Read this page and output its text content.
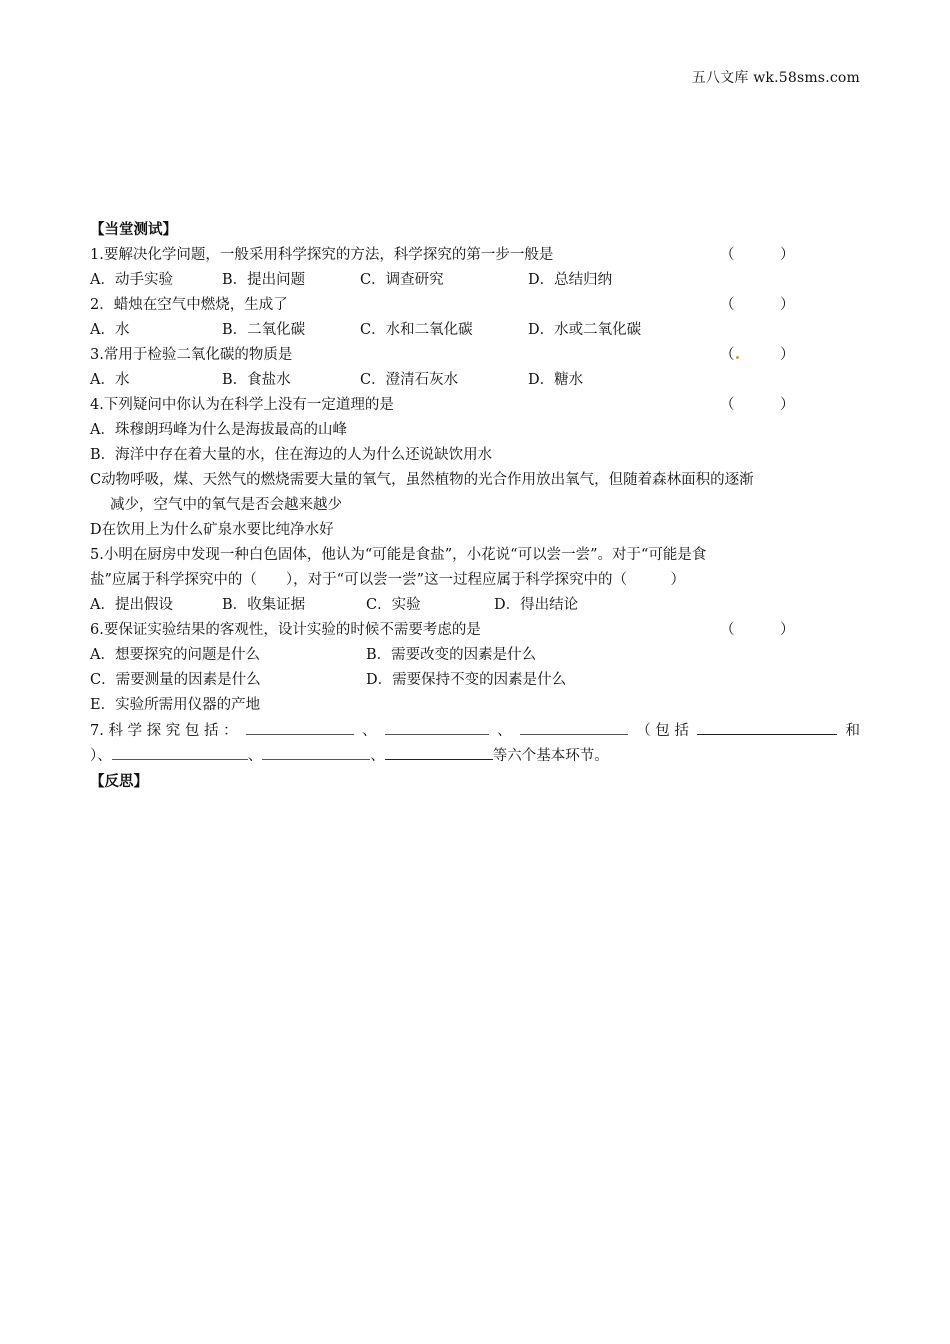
五八文库 wk.58sms.com
【当堂测试】
1.要解决化学问题，一般采用科学探究的方法，科学探究的第一步一般是	（	）
A．动手实验	B．提出问题	C．调查研究	D．总结归纳
2．蜡烛在空气中燃烧，生成了	（	）
A．水	B．二氧化碳	C．水和二氧化碳	D．水或二氧化碳
3.常用于检验二氧化碳的物质是	（	）
A．水	B．食盐水	C．澄清石灰水	D．糖水
4.下列疑问中你认为在科学上没有一定道理的是	（	）
A．珠穆朗玛峰为什么是海拔最高的山峰
B．海洋中存在着大量的水，住在海边的人为什么还说缺饮用水
C动物呼吸，煤、天然气的燃烧需要大量的氧气，虽然植物的光合作用放出氧气，但随着森林面积的逐渐
减少，空气中的氧气是否会越来越少
D在饮用上为什么矿泉水要比纯净水好
5.小明在厨房中发现一种白色固体，他认为“可能是食盐”，小花说“可以尝一尝”。对于“可能是食
盐”应属于科学探究中的（　　），对于“可以尝一尝”这一过程应属于科学探究中的（　　　）
A．提出假设	B．收集证据	C．实验	D．得出结论
6.要保证实验结果的客观性，设计实验的时候不需要考虑的是	（	）
A．想要探究的问题是什么	B．需要改变的因素是什么
C．需要测量的因素是什么	D．需要保持不变的因素是什么
E．实验所需用仪器的产地
7. 科 学 探 究 包 括 ：	、	、	（ 包 括	和
）、	、	、	等六个基本环节。
【反思】
